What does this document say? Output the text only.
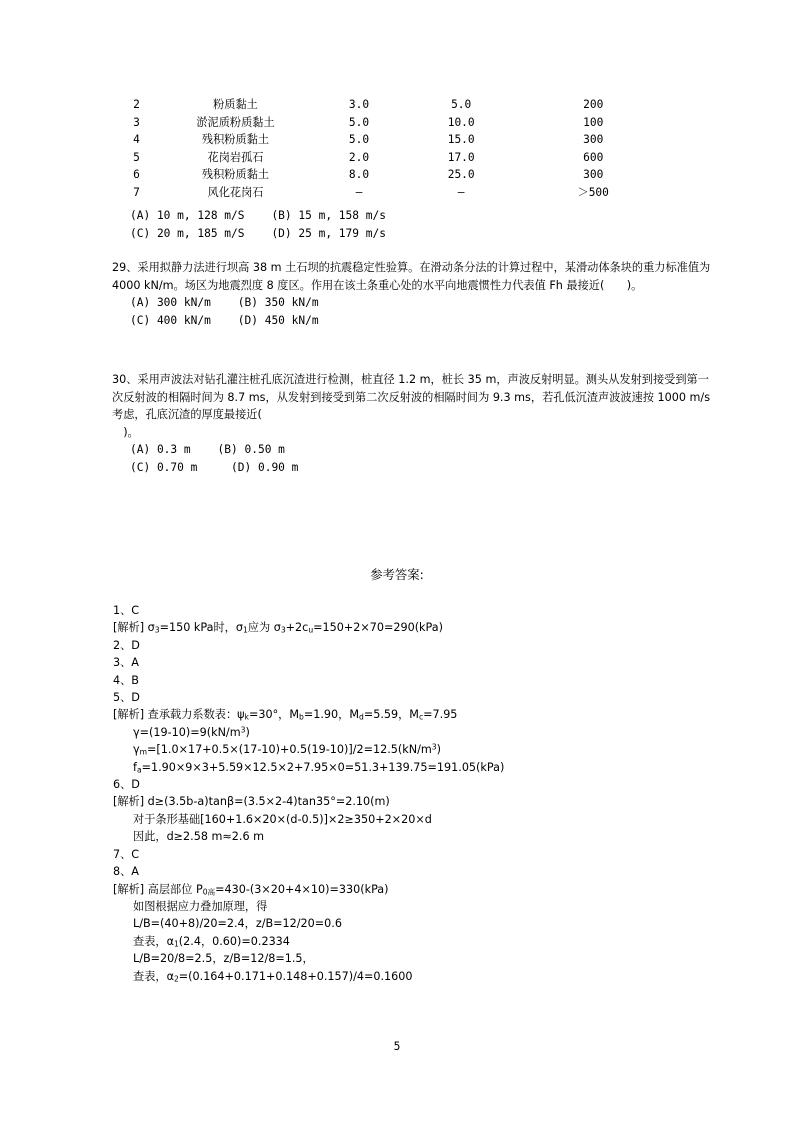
2	粉质黏土	3.0	5.0	200
3	淤泥质粉质黏土	5.0	10.0	100
4	残积粉质黏土	5.0	15.0	300
5	花岗岩孤石	2.0	17.0	600
6	残积粉质黏土	8.0	25.0	300
7	风化花岗石	—	—	＞500
(A) 10 m, 128 m/S    (B) 15 m, 158 m/s
(C) 20 m, 185 m/S    (D) 25 m, 179 m/s
29、采用拟静力法进行坝高 38 m 土石坝的抗震稳定性验算。在滑动条分法的计算过程中，某滑动体条块的重力标准值为 4000 kN/m。场区为地震烈度 8 度区。作用在该土条重心处的水平向地震惯性力代表值 Fh 最接近(　　)。
(A) 300 kN/m    (B) 350 kN/m
(C) 400 kN/m    (D) 450 kN/m
30、采用声波法对钻孔灌注桩孔底沉渣进行检测，桩直径 1.2 m，桩长 35 m，声波反射明显。测头从发射到接受到第一次反射波的相隔时间为 8.7 ms，从发射到接受到第二次反射波的相隔时间为 9.3 ms，若孔低沉渣声波波速按 1000 m/s 考虑，孔底沉渣的厚度最接近(
　)。
(A) 0.3 m    (B) 0.50 m
(C) 0.70 m     (D) 0.90 m
参考答案:
1、C
[解析] $\sigma_3=150$ kPa时，$\sigma_1$应为 $\sigma_3+2c_u=150+2\times 70=290(kPa)$
2、D
3、A
4、B
5、D
[解析] 查承载力系数表：$\psi_k=30^\circ$，$M_b=1.90$，$M_d=5.59$，$M_c=7.95$
$\gamma=(19-10)=9(kN/m^3)$
$\gamma_m=[1.0\times 17+0.5\times(17-10)+0.5(19-10)]/2=12.5(kN/m^3)$
$f_a=1.90\times 9\times 3+5.59\times 12.5\times 2+7.95\times 0=51.3+139.75=191.05(kPa)$
6、D
[解析] d≥(3.5b-a)tanβ=(3.5×2-4)tan35°=2.10(m)
对于条形基础[160+1.6×20×(d-0.5)]×2≥350+2×20×d
因此，d≥2.58 m≈2.6 m
7、C
8、A
[解析] 高层部位 $P_{0高}=430-(3\times 20+4\times 10)=330(kPa)$
如图根据应力叠加原理，得
L/B=(40+8)/20=2.4，z/B=12/20=0.6
查表，$\alpha_1(2.4$，0.60)=0.2334
L/B=20/8=2.5，z/B=12/8=1.5，
查表，$\alpha_2=(0.164+0.171+0.148+0.157)/4=0.1600$
5
